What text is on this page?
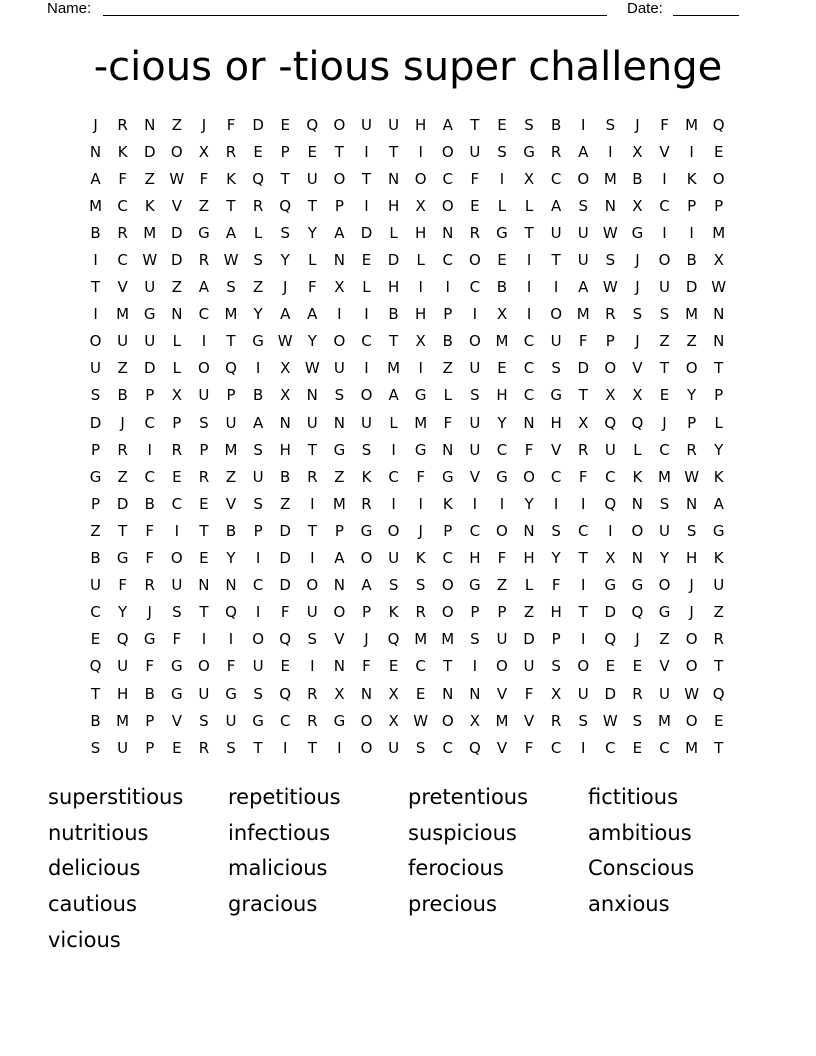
Name:	Date:
-cious or -tious super challenge
J	R	N	Z	J	F	D	E	Q	O	U	U	H	A	T	E	S	B	I	S	J	F	M Q
N	K	D	O	X	R	E	P	E	T	I	T	I	O	U	S	G	R	A	I	X	V	I	E
A	F	Z W	F	K	Q	T	U	O	T	N	O	C	F	I	X	C	O M	B	I	K	O
M	C	K	V	Z	T	R	Q	T	P	I	H	X	O	E	L	L	A	S	N	X	C	P	P
B	R	M D	G	A	L	S	Y	A	D	L	H	N	R	G	T	U	U W G	I	I	M
I	C W D	R W S	Y	L	N	E	D	L	C	O	E	I	T	U	S	J	O	B	X
T	V	U	Z	A	S	Z	J	F	X	L	H	I	I	C	B	I	I	A W	J	U	D W
I	M G	N	C	M	Y	A	A	I	I	B	H	P	I	X	I	O M	R	S	S	M	N
O	U	U	L	I	T	G W	Y	O	C	T	X	B	O M	C	U	F	P	J	Z	Z	N
U	Z	D	L	O	Q	I	X W U	I	M	I	Z	U	E	C	S	D	O	V	T	O	T
S	B	P	X	U	P	B	X	N	S	O	A	G	L	S	H	C	G	T	X	X	E	Y	P
D	J	C	P	S	U	A	N	U	N	U	L	M	F	U	Y	N	H	X	Q	Q	J	P	L
P	R	I	R	P	M	S	H	T	G	S	I	G	N	U	C	F	V	R	U	L	C	R	Y
G	Z	C	E	R	Z	U	B	R	Z	K	C	F	G	V	G	O	C	F	C	K	M W K
P	D	B	C	E	V	S	Z	I	M	R	I	I	K	I	I	Y	I	I	Q	N	S	N	A
Z	T	F	I	T	B	P	D	T	P	G	O	J	P	C	O	N	S	C	I	O	U	S	G
B	G	F	O	E	Y	I	D	I	A	O	U	K	C	H	F	H	Y	T	X	N	Y	H	K
U	F	R	U	N	N	C	D	O	N	A	S	S	O	G	Z	L	F	I	G	G	O	J	U
C	Y	J	S	T	Q	I	F	U	O	P	K	R	O	P	P	Z	H	T	D	Q	G	J	Z
E	Q	G	F	I	I	O	Q	S	V	J	Q M M	S	U	D	P	I	Q	J	Z	O	R
Q	U	F	G	O	F	U	E	I	N	F	E	C	T	I	O	U	S	O	E	E	V	O	T
T	H	B	G	U	G	S	Q	R	X	N	X	E	N	N	V	F	X	U	D	R	U W Q
B	M	P	V	S	U	G	C	R	G	O	X W O	X	M	V	R	S W S	M O	E
S	U	P	E	R	S	T	I	T	I	O	U	S	C	Q	V	F	C	I	C	E	C	M	T
superstitious	repetitious	pretentious	fictitious
nutritious	infectious	suspicious	ambitious
delicious	malicious	ferocious	Conscious
cautious	gracious	precious	anxious
vicious
